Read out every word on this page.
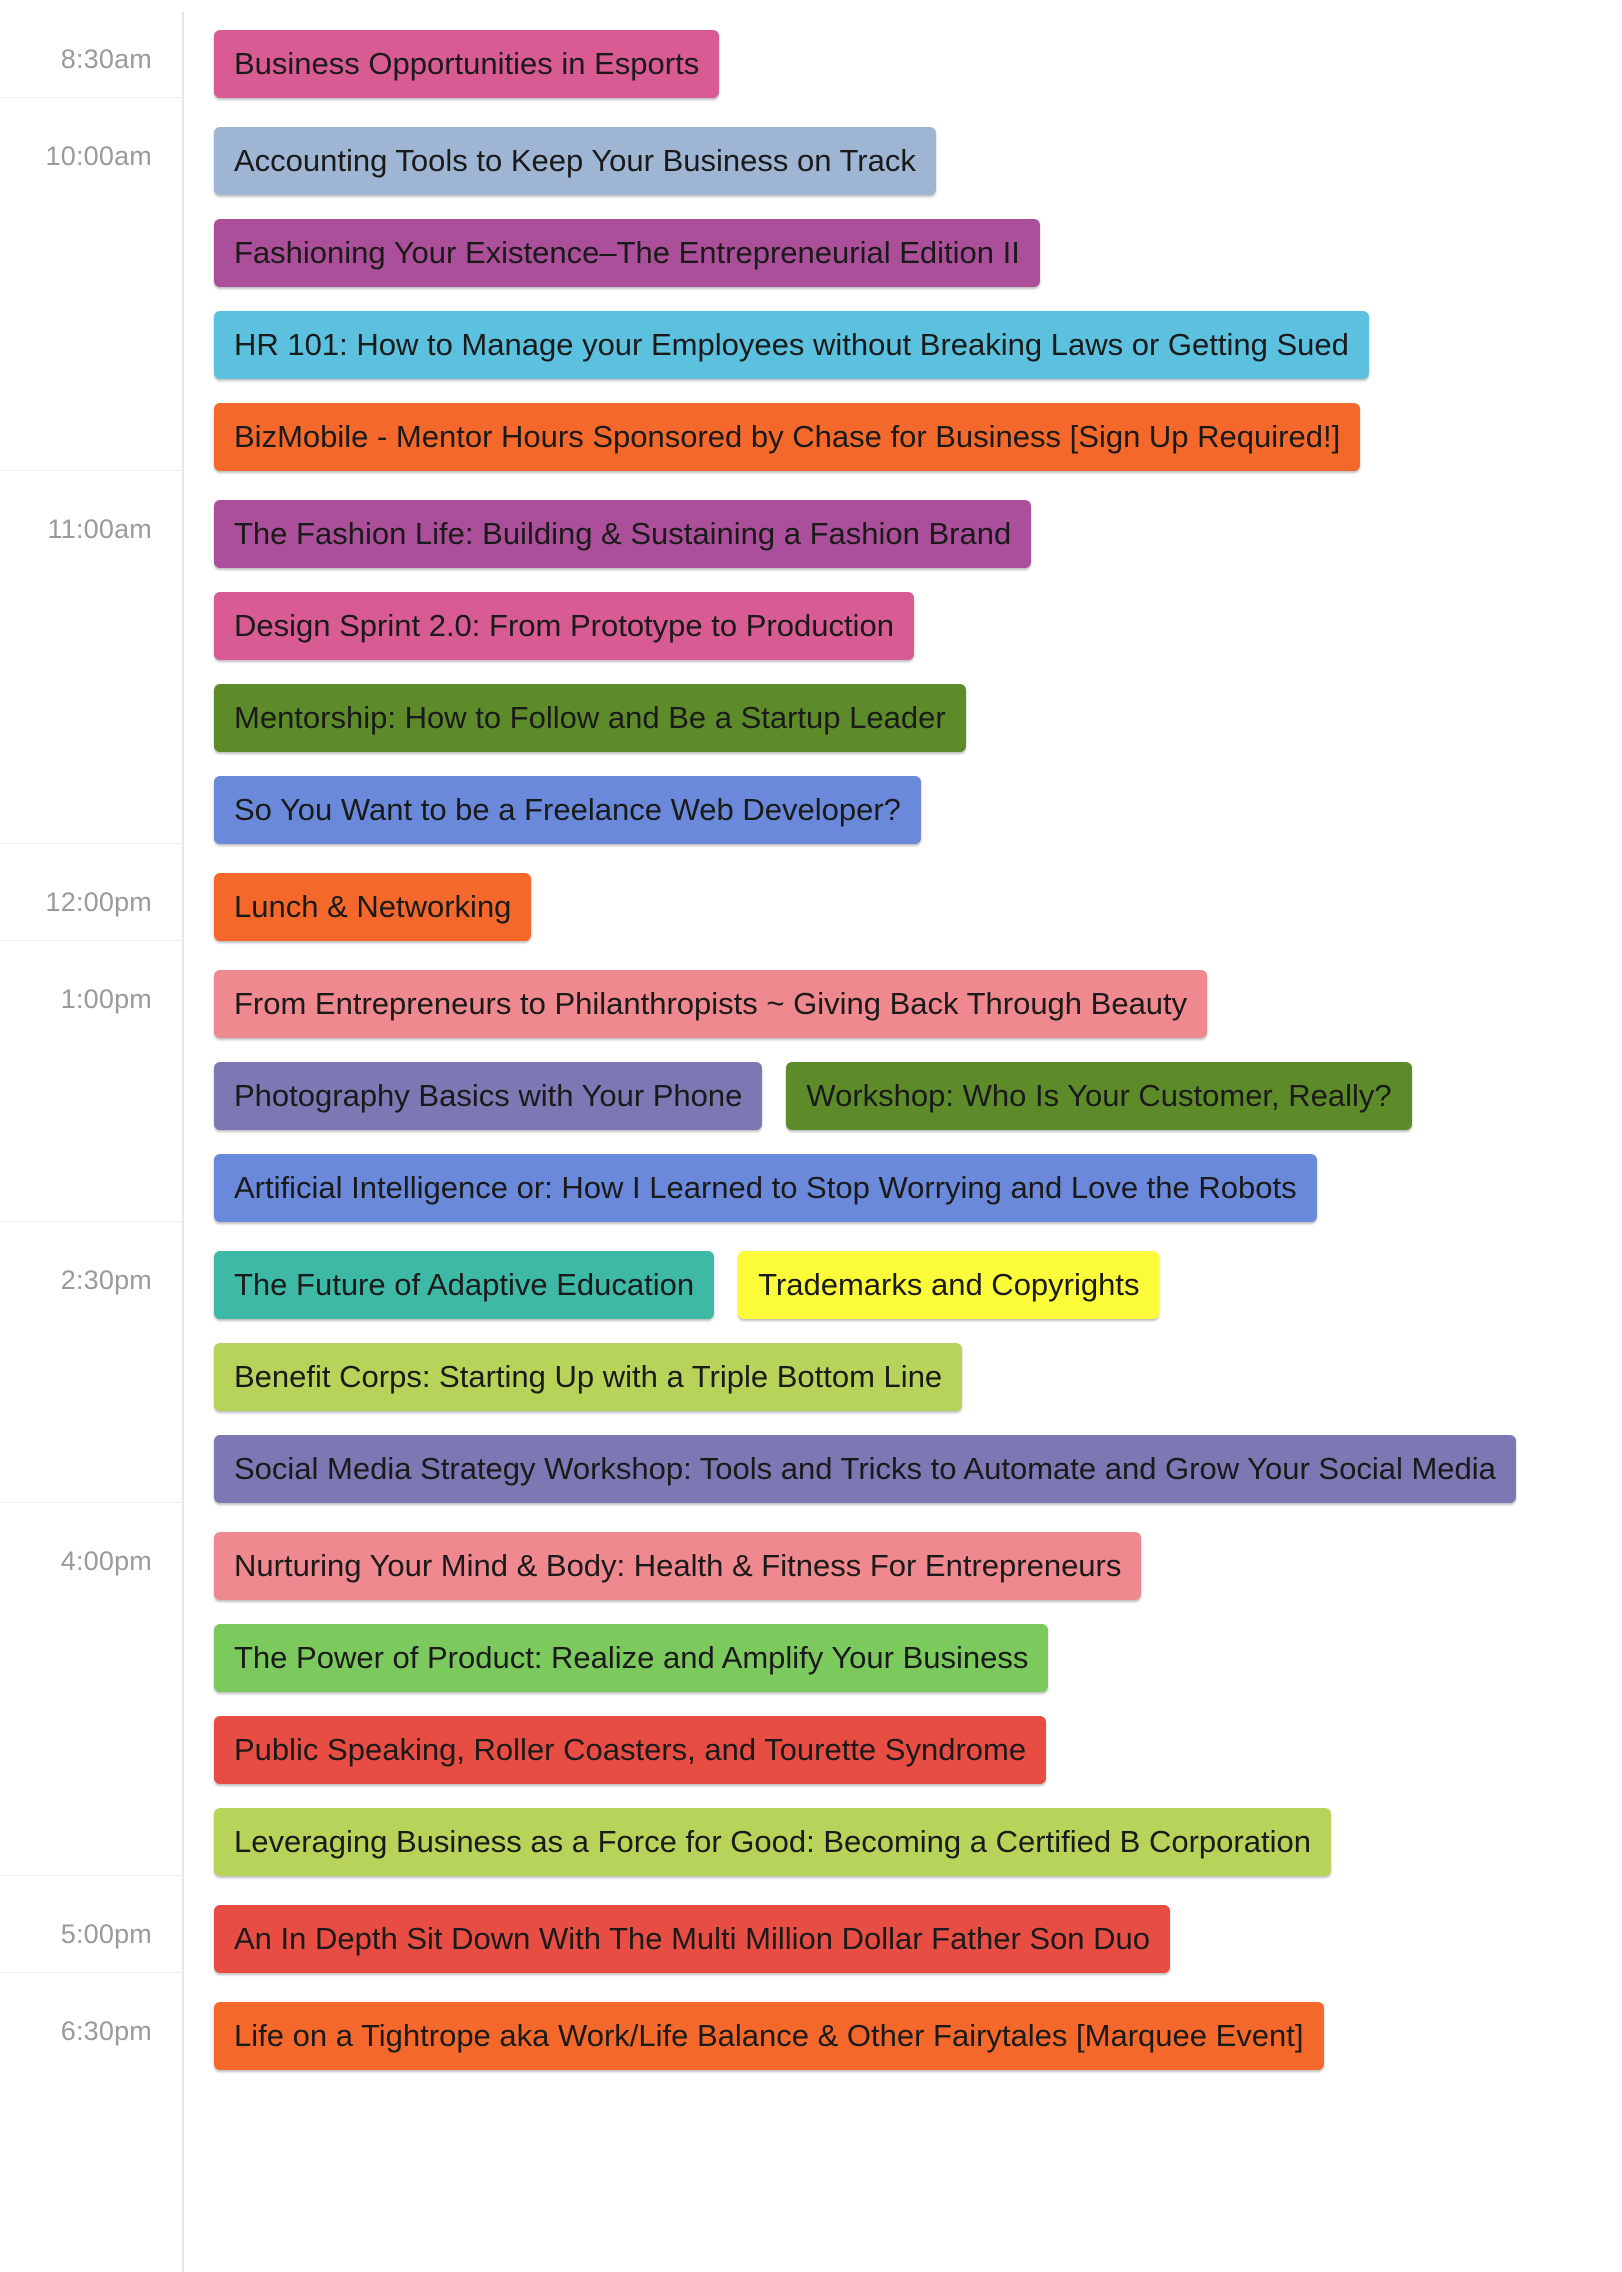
8:30am	Business Opportunities in Esports
10:00am	Accounting Tools to Keep Your Business on Track
Fashioning Your Existence–The Entrepreneurial Edition II
HR 101: How to Manage your Employees without Breaking Laws or Getting Sued
BizMobile - Mentor Hours Sponsored by Chase for Business [Sign Up Required!]
11:00am	The Fashion Life: Building & Sustaining a Fashion Brand
Design Sprint 2.0: From Prototype to Production
Mentorship: How to Follow and Be a Startup Leader
So You Want to be a Freelance Web Developer?
12:00pm	Lunch & Networking
1:00pm	From Entrepreneurs to Philanthropists ~ Giving Back Through Beauty
Photography Basics with Your Phone	Workshop: Who Is Your Customer, Really?
Artificial Intelligence or: How I Learned to Stop Worrying and Love the Robots
2:30pm	The Future of Adaptive Education	Trademarks and Copyrights
Benefit Corps: Starting Up with a Triple Bottom Line
Social Media Strategy Workshop: Tools and Tricks to Automate and Grow Your Social Media
4:00pm	Nurturing Your Mind & Body: Health & Fitness For Entrepreneurs
The Power of Product: Realize and Amplify Your Business
Public Speaking, Roller Coasters, and Tourette Syndrome
Leveraging Business as a Force for Good: Becoming a Certified B Corporation
5:00pm	An In Depth Sit Down With The Multi Million Dollar Father Son Duo
6:30pm	Life on a Tightrope aka Work/Life Balance & Other Fairytales [Marquee Event]
